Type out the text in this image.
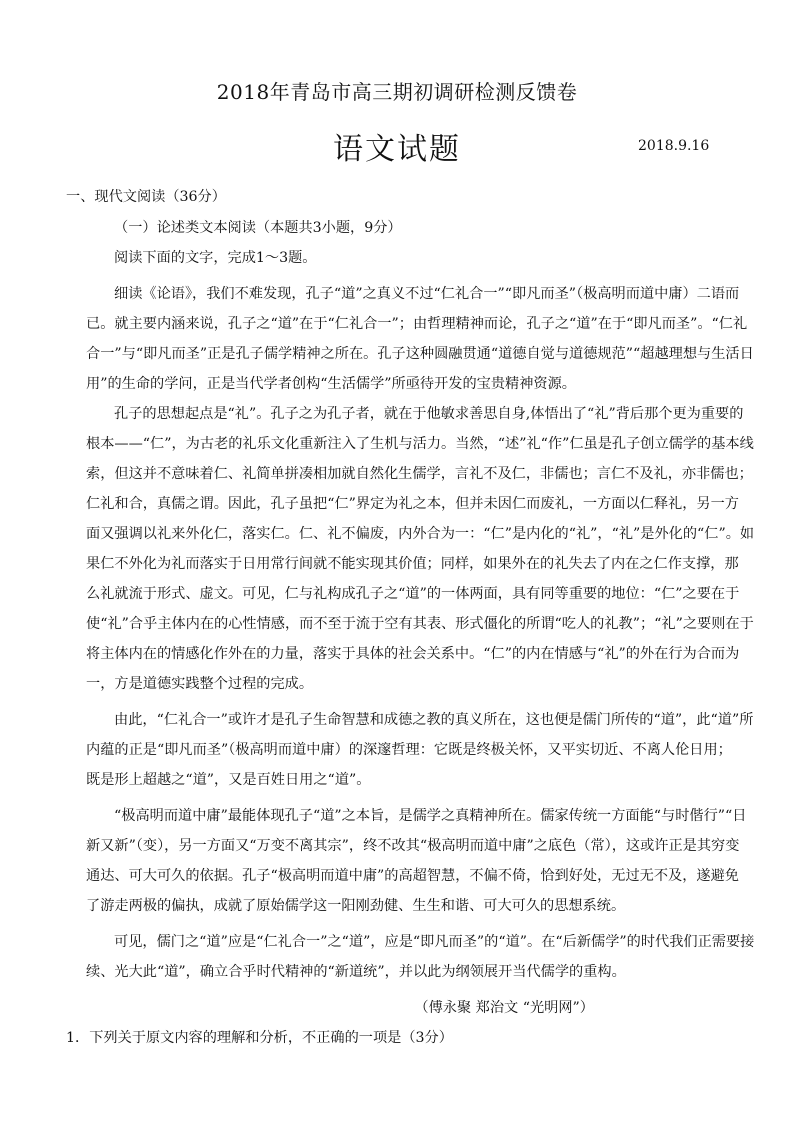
2018年青岛市高三期初调研检测反馈卷
语文试题	2018.9.16
一、现代文阅读（36分）
（一）论述类文本阅读（本题共3小题，9分）
阅读下面的文字，完成1～3题。
细读《论语》，我们不难发现，孔子“道”之真义不过“仁礼合一”“即凡而圣”（极高明而道中庸）二语而
已。就主要内涵来说，孔子之“道”在于“仁礼合一”；由哲理精神而论，孔子之“道”在于“即凡而圣”。“仁礼
合一”与“即凡而圣”正是孔子儒学精神之所在。孔子这种圆融贯通“道德自觉与道德规范”“超越理想与生活日
用”的生命的学问，正是当代学者创构“生活儒学”所亟待开发的宝贵精神资源。
孔子的思想起点是“礼”。孔子之为孔子者，就在于他敏求善思自身,体悟出了“礼”背后那个更为重要的
根本——“仁”，为古老的礼乐文化重新注入了生机与活力。当然，“述”礼“作”仁虽是孔子创立儒学的基本线
索，但这并不意味着仁、礼简单拼凑相加就自然化生儒学，言礼不及仁，非儒也；言仁不及礼，亦非儒也；
仁礼和合，真儒之谓。因此，孔子虽把“仁”界定为礼之本，但并未因仁而废礼，一方面以仁释礼，另一方
面又强调以礼来外化仁，落实仁。仁、礼不偏废，内外合为一：“仁”是内化的“礼”，“礼”是外化的“仁”。如
果仁不外化为礼而落实于日用常行间就不能实现其价值；同样，如果外在的礼失去了内在之仁作支撑，那
么礼就流于形式、虚文。可见，仁与礼构成孔子之“道”的一体两面，具有同等重要的地位：“仁”之要在于
使“礼”合乎主体内在的心性情感，而不至于流于空有其表、形式僵化的所谓“吃人的礼教”；“礼”之要则在于
将主体内在的情感化作外在的力量，落实于具体的社会关系中。“仁”的内在情感与“礼”的外在行为合而为
一，方是道德实践整个过程的完成。
由此，“仁礼合一”或许才是孔子生命智慧和成德之教的真义所在，这也便是儒门所传的“道”，此“道”所
内蕴的正是“即凡而圣”（极高明而道中庸）的深邃哲理：它既是终极关怀，又平实切近、不离人伦日用；
既是形上超越之“道”，又是百姓日用之“道”。
“极高明而道中庸”最能体现孔子“道”之本旨，是儒学之真精神所在。儒家传统一方面能“与时偕行”“日
新又新”（变），另一方面又“万变不离其宗”，终不改其“极高明而道中庸”之底色（常），这或许正是其穷变
通达、可大可久的依据。孔子“极高明而道中庸”的高超智慧，不偏不倚，恰到好处，无过无不及，遂避免
了游走两极的偏执，成就了原始儒学这一阳刚劲健、生生和谐、可大可久的思想系统。
可见，儒门之“道”应是“仁礼合一”之“道”，应是“即凡而圣”的“道”。在“后新儒学”的时代我们正需要接
续、光大此“道”，确立合乎时代精神的“新道统”，并以此为纲领展开当代儒学的重构。
（傅永聚 郑治文 “光明网”）
1．下列关于原文内容的理解和分析，不正确的一项是（3分）
